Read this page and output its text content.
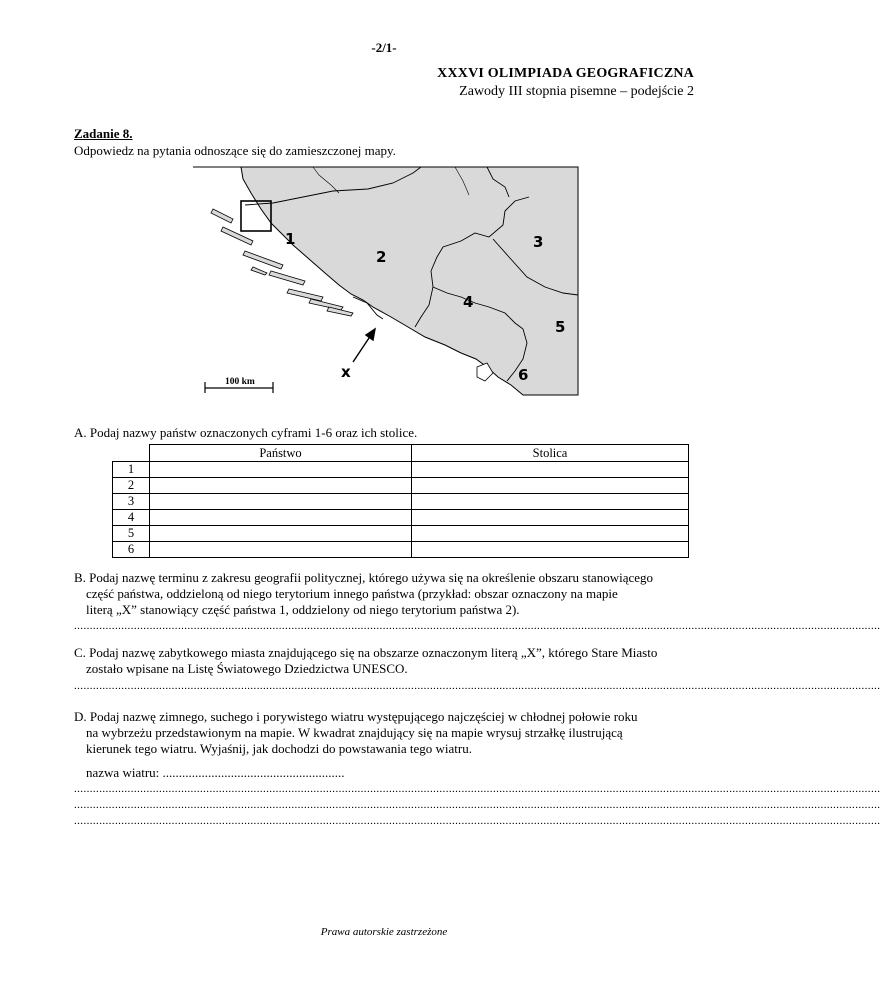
-2/1-
XXXVI OLIMPIADA GEOGRAFICZNA
Zawody III stopnia pisemne – podejście 2
Zadanie 8.
Odpowiedz na pytania odnoszące się do zamieszczonej mapy.
1
2
3
4
5
6
x
100 km
A. Podaj nazwy państw oznaczonych cyframi 1-6 oraz ich stolice.
	Państwo	Stolica
1		
2		
3		
4		
5		
6		
B. Podaj nazwę terminu z zakresu geografii politycznej, którego używa się na określenie obszaru stanowiącego
część państwa, oddzieloną od niego terytorium innego państwa (przykład: obszar oznaczony na mapie
literą „X” stanowiący część państwa 1, oddzielony od niego terytorium państwa 2).
................................................................................................................................................................................................................................................................
C. Podaj nazwę zabytkowego miasta znajdującego się na obszarze oznaczonym literą „X”, którego Stare Miasto
zostało wpisane na Listę Światowego Dziedzictwa UNESCO.
................................................................................................................................................................................................................................................................
D. Podaj nazwę zimnego, suchego i porywistego wiatru występującego najczęściej w chłodnej połowie roku
na wybrzeżu przedstawionym na mapie. W kwadrat znajdujący się na mapie wrysuj strzałkę ilustrującą
kierunek tego wiatru. Wyjaśnij, jak dochodzi do powstawania tego wiatru.
nazwa wiatru: ........................................................
................................................................................................................................................................................................................................................................
................................................................................................................................................................................................................................................................
................................................................................................................................................................................................................................................................
Prawa autorskie zastrzeżone
